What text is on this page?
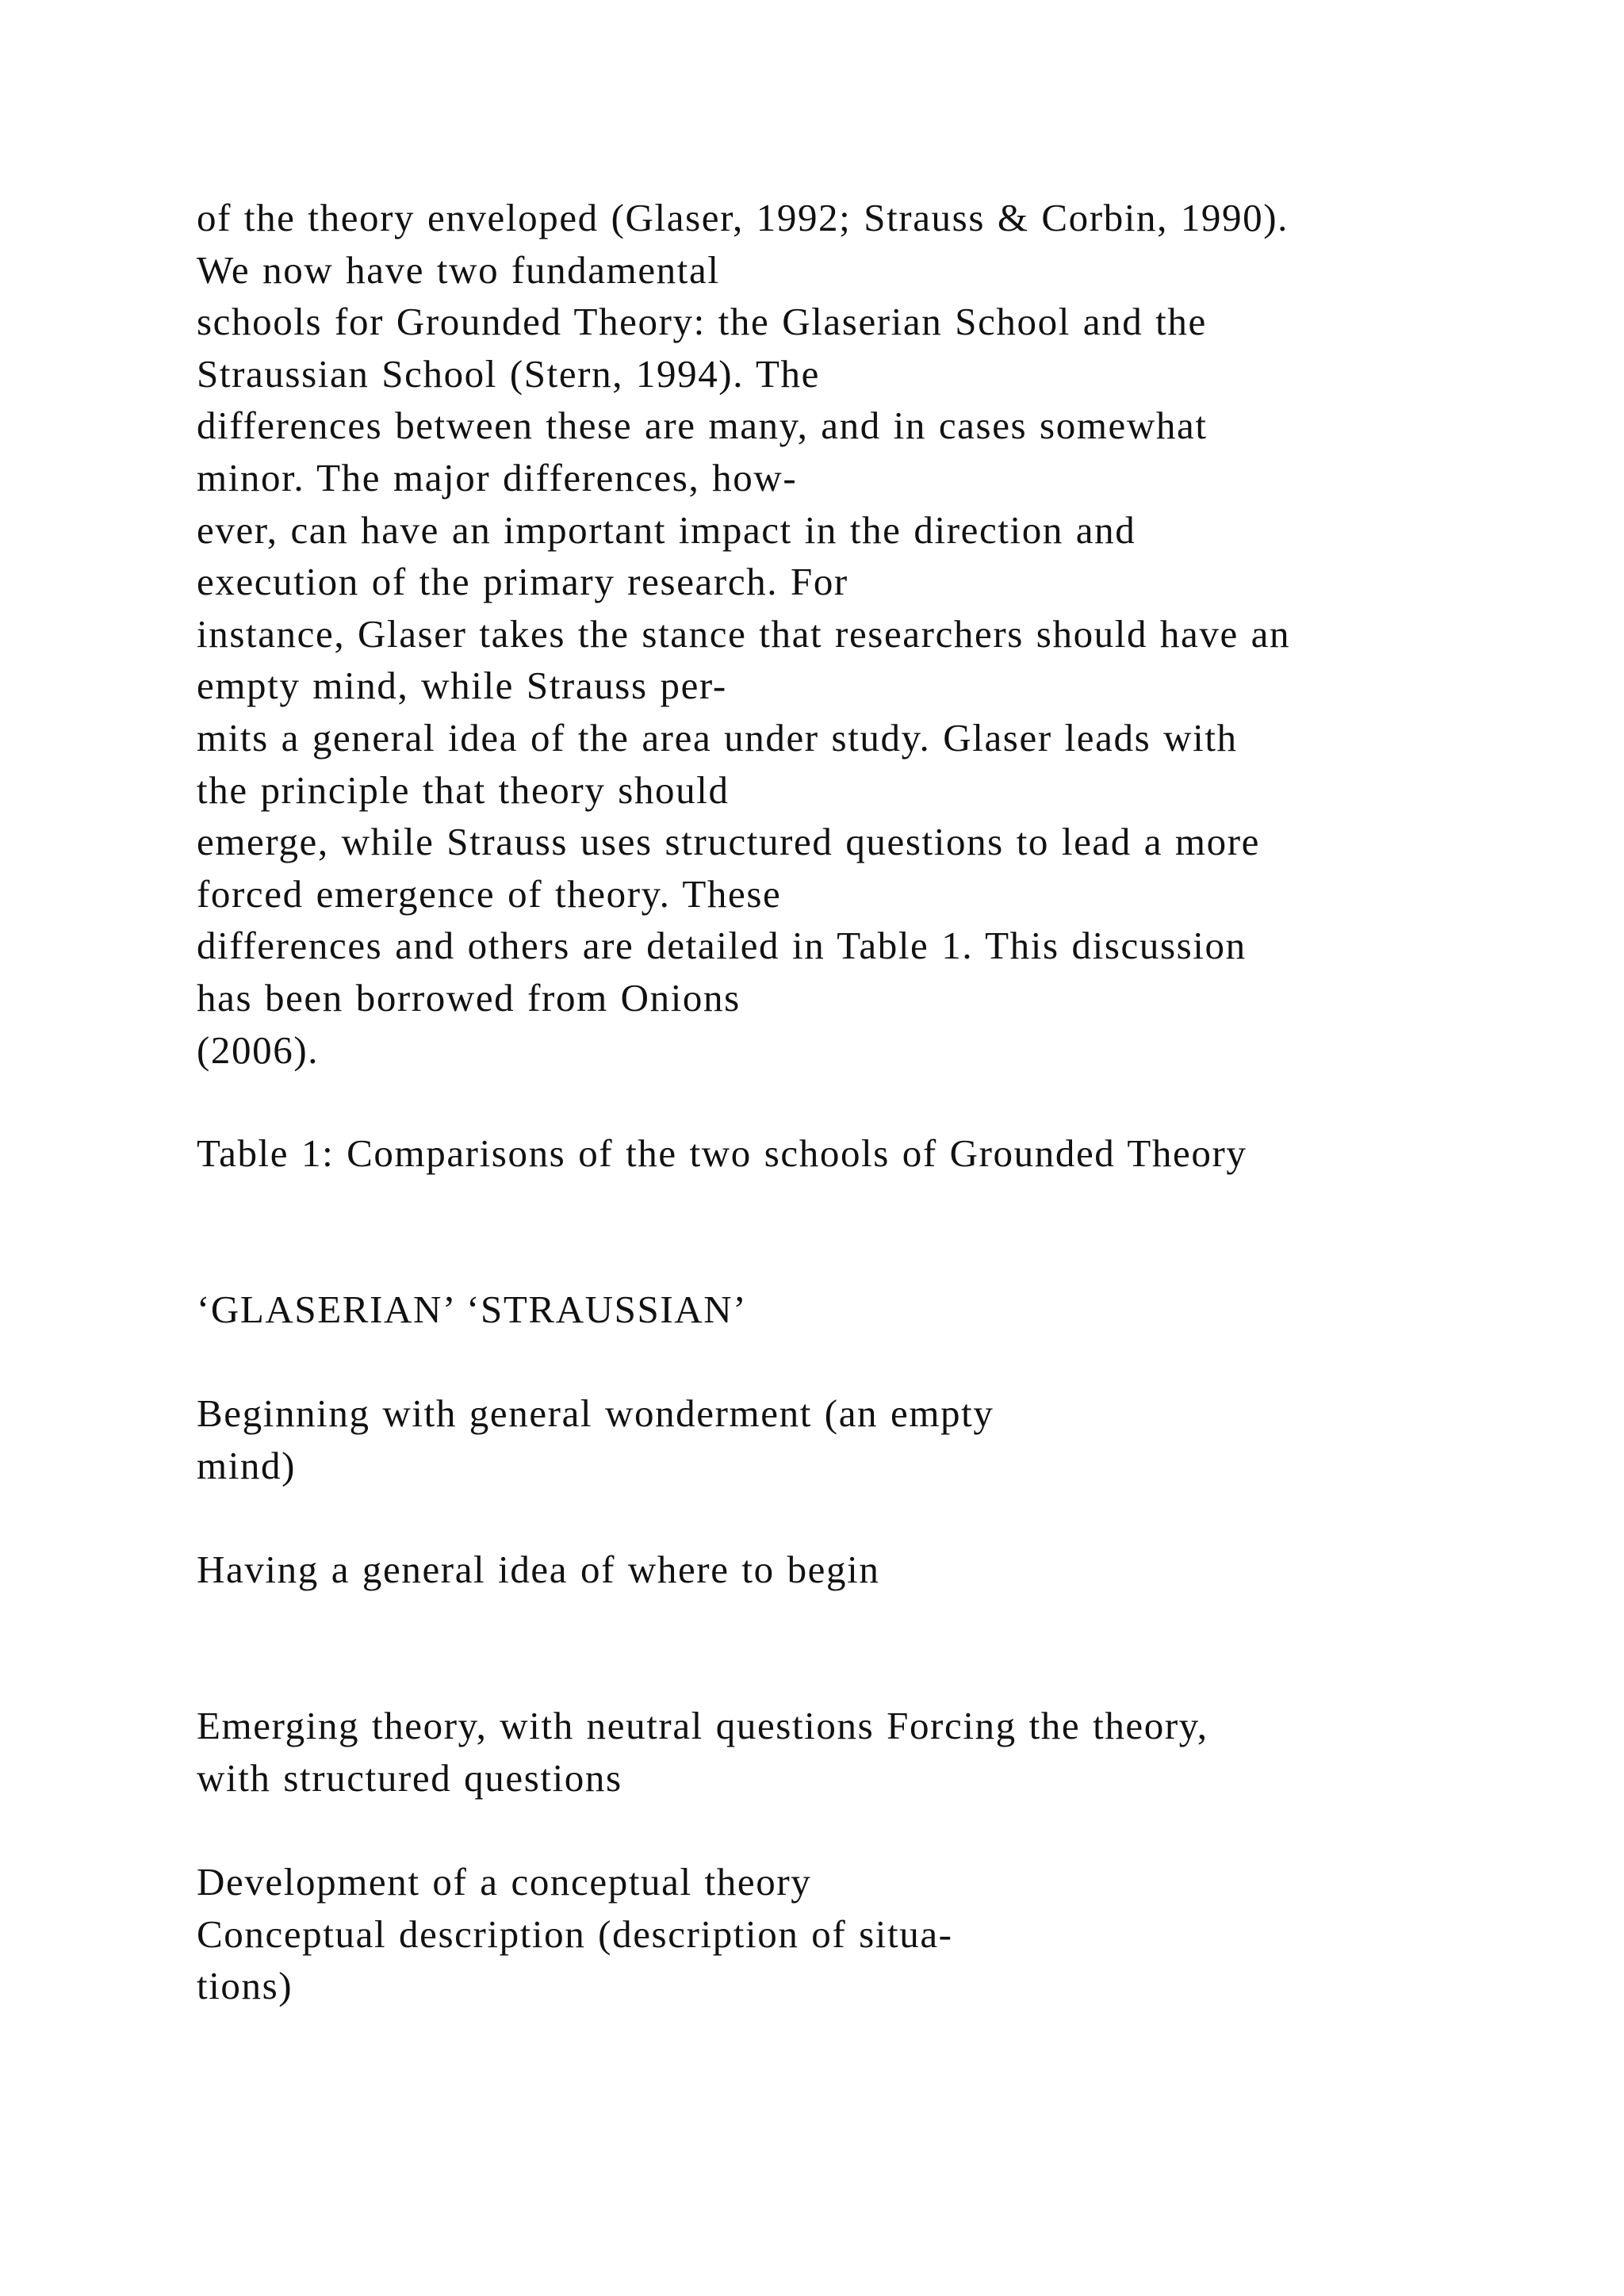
of the theory enveloped (Glaser, 1992; Strauss & Corbin, 1990).
We now have two fundamental
schools for Grounded Theory: the Glaserian School and the
Straussian School (Stern, 1994). The
differences between these are many, and in cases somewhat
minor. The major differences, how-
ever, can have an important impact in the direction and
execution of the primary research. For
instance, Glaser takes the stance that researchers should have an
empty mind, while Strauss per-
mits a general idea of the area under study. Glaser leads with
the principle that theory should
emerge, while Strauss uses structured questions to lead a more
forced emergence of theory. These
differences and others are detailed in Table 1. This discussion
has been borrowed from Onions
(2006).
Table 1: Comparisons of the two schools of Grounded Theory
‘GLASERIAN’ ‘STRAUSSIAN’
Beginning with general wonderment (an empty
mind)
Having a general idea of where to begin
Emerging theory, with neutral questions Forcing the theory,
with structured questions
Development of a conceptual theory
Conceptual description (description of situa-
tions)
